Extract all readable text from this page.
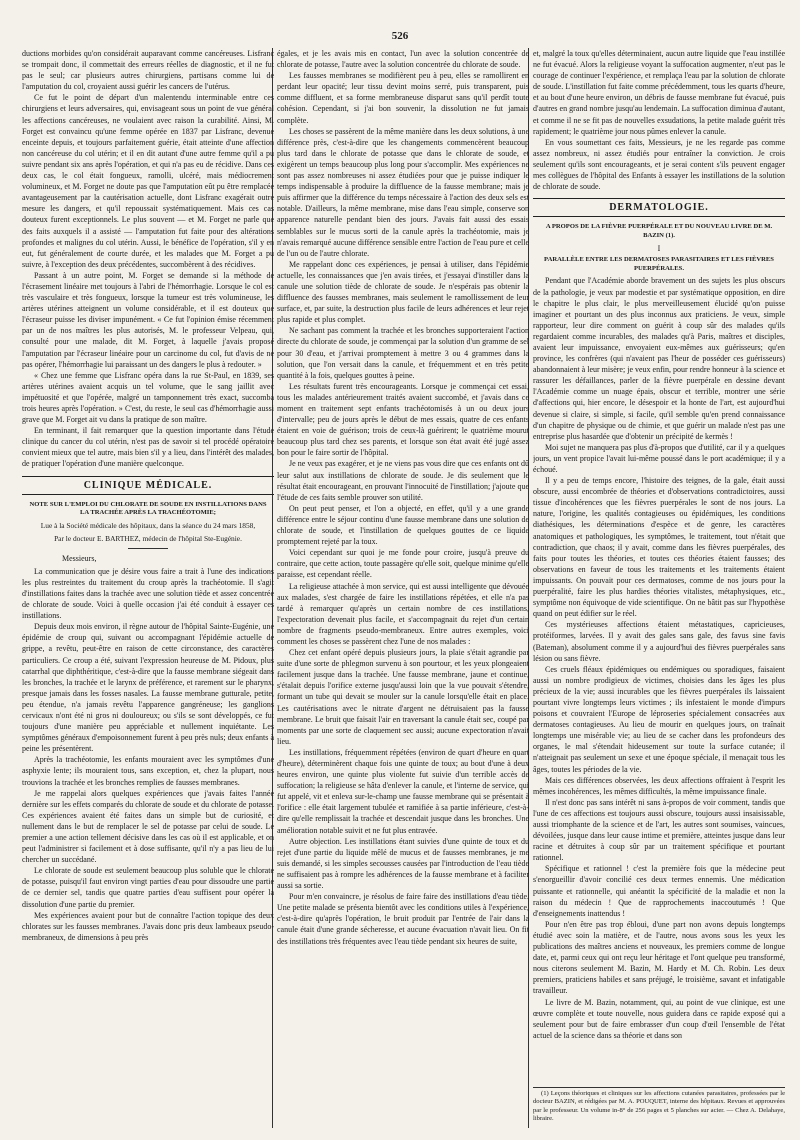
526

ductions morbides qu'on considérait auparavant comme cancéreuses. Lisfranc se trompait donc, il commettait des erreurs réelles de diagnostic, et il ne fut pas le seul; car plusieurs autres chirurgiens, partisans comme lui de l'amputation du col, croyaient aussi guérir les cancers de l'utérus.

Ce fut le point de départ d'un malentendu interminable entre ces chirurgiens et leurs adversaires, qui, envisageant sous un point de vue général les affections cancéreuses, ne voulaient avec raison la curabilité. Ainsi, M. Forget est convaincu qu'une femme opérée en 1837 par Lisfranc, devenue enceinte depuis, et toujours parfaitement guérie, était atteinte d'une affection non cancéreuse du col utérin; et il en dit autant d'une autre femme qu'il a pu suivre pendant six ans après l'opération, et qui n'a pas eu de récidive. Dans ces deux cas, le col était fongueux, ramolli, ulcéré, mais médiocrement volumineux, et M. Forget ne doute pas que l'amputation eût pu être remplacée avantageusement par la cautérisation actuelle, dont Lisfranc exagérait outre mesure les dangers, et qu'il repoussait systématiquement. Mais ces cas douteux furent exceptionnels. Le plus souvent — et M. Forget ne parle que des faits auxquels il a assisté — l'amputation fut faite pour des altérations profondes et malignes du col utérin. Aussi, le bénéfice de l'opération, s'il y en eut, fut généralement de courte durée, et les malades que M. Forget a pu suivre, à l'exception des deux précédentes, succombèrent à des récidives.

Passant à un autre point, M. Forget se demande si la méthode de l'écrasement linéaire met toujours à l'abri de l'hémorrhagie. Lorsque le col est très vasculaire et très fongueux, lorsque la tumeur est très volumineuse, les artères utérines atteignent un volume considérable, et il est douteux que l'écraseur puisse les diviser impunément. « Ce fut l'opinion émise récemment par un de nos maîtres les plus autorisés, M. le professeur Velpeau, qui, consulté pour une malade, dit M. Forget, à laquelle j'avais proposé l'amputation par l'écraseur linéaire pour un carcinome du col, fut d'avis de ne pas opérer, l'hémorrhagie lui paraissant un des dangers le plus à redouter. »

« Chez une femme que Lisfranc opéra dans la rue St-Paul, en 1839, ses artères utérines avaient acquis un tel volume, que le sang jaillit avec impétuosité et que l'opérée, malgré un tamponnement très exact, succomba trois heures après l'opération. » C'est, du reste, le seul cas d'hémorrhagie aussi grave que M. Forget ait vu dans la pratique de son maître.

En terminant, il fait remarquer que la question importante dans l'étude clinique du cancer du col utérin, n'est pas de savoir si tel procédé opératoire convient mieux que tel autre, mais bien s'il y a lieu, dans l'intérêt des malades, de pratiquer l'opération d'une manière quelconque.

CLINIQUE MÉDICALE.
NOTE SUR L'EMPLOI DU CHLORATE DE SOUDE EN INSTILLATIONS DANS LA TRACHÉE APRÈS LA TRACHÉOTOMIE;
Lue à la Société médicale des hôpitaux, dans la séance du 24 mars 1858,
Par le docteur E. BARTHEZ, médecin de l'hôpital Ste-Eugénie.

Messieurs,

La communication que je désire vous faire a trait à l'une des indications les plus restreintes du traitement du croup après la trachéotomie. Il s'agit d'instillations faites dans la trachée avec une solution tiède et assez concentrée de chlorate de soude. Voici à quelle occasion j'ai été conduit à essayer ces instillations.

Depuis deux mois environ, il règne autour de l'hôpital Sainte-Eugénie, une épidémie de croup qui, suivant ou accompagnant l'épidémie actuelle de grippe, a revêtu, peut-être en raison de cette circonstance, des caractères particuliers. Ce croup a été, suivant l'expression heureuse de M. Pidoux, plus catarrhal que diphthéritique, c'est-à-dire que la fausse membrane siégeait dans les bronches, la trachée et le larynx de préférence, et rarement sur le pharynx, presque jamais dans les fosses nasales. La fausse membrane gutturale, petite, peu étendue, n'a jamais revêtu l'apparence gangréneuse; les ganglions cervicaux n'ont été ni gros ni douloureux; ou s'ils se sont développés, ce fut toujours d'une manière peu appréciable et nullement inquiétante. Les symptômes généraux d'empoisonnement furent à peu près nuls; deux enfants à peine les présentèrent.

Après la trachéotomie, les enfants mouraient avec les symptômes d'une asphyxie lente; ils mouraient tous, sans exception, et, chez la plupart, nous trouvions la trachée et les bronches remplies de fausses membranes.

Je me rappelai alors quelques expériences que j'avais faites l'année dernière sur les effets comparés du chlorate de soude et du chlorate de potasse. Ces expériences avaient été faites dans un simple but de curiosité, et nullement dans le but de remplacer le sel de potasse par celui de soude. Le premier a une action tellement décisive dans les cas où il est applicable, et on peut l'administrer si facilement et à dose suffisante, qu'il n'y a pas lieu de lui chercher un succédané.

Le chlorate de soude est seulement beaucoup plus soluble que le chlorate de potasse, puisqu'il faut environ vingt parties d'eau pour dissoudre une partie de ce dernier sel, tandis que quatre parties d'eau suffisent pour opérer la dissolution d'une partie du premier.

Mes expériences avaient pour but de connaître l'action topique des deux chlorates sur les fausses membranes. J'avais donc pris deux lambeaux pseudo-membraneux, de dimensions à peu près

égales, et je les avais mis en contact, l'un avec la solution concentrée de chlorate de potasse, l'autre avec la solution concentrée du chlorate de soude.

Les fausses membranes se modifièrent peu à peu, elles se ramollirent en perdant leur opacité; leur tissu devint moins serré, puis transparent, puis comme diffluent, et sa forme membraneuse disparut sans qu'il perdît toute cohésion. Cependant, si j'ai bon souvenir, la dissolution ne fut jamais complète.

Les choses se passèrent de la même manière dans les deux solutions, à une différence près, c'est-à-dire que les changements commencèrent beaucoup plus tard dans le chlorate de potasse que dans le chlorate de soude, et exigèrent un temps beaucoup plus long pour s'accomplir. Mes expériences ne sont pas assez nombreuses ni assez étudiées pour que je puisse indiquer le temps indispensable à produire la diffluence de la fausse membrane; mais je puis affirmer que la différence du temps nécessaire à l'action des deux sels est notable. D'ailleurs, la même membrane, mise dans l'eau simple, conserve son apparence naturelle pendant bien des jours. J'avais fait aussi des essais semblables sur le mucus sorti de la canule après la trachéotomie, mais je n'avais remarqué aucune différence sensible entre l'action de l'eau pure et celle de l'un ou de l'autre chlorate.

Me rappelant donc ces expériences, je pensai à utiliser, dans l'épidémie actuelle, les connaissances que j'en avais tirées, et j'essayai d'instiller dans la canule une solution tiède de chlorate de soude. Je n'espérais pas obtenir la diffluence des fausses membranes, mais seulement le ramollissement de leur surface, et, par suite, la destruction plus facile de leurs adhérences et leur rejet plus rapide et plus complet.

Ne sachant pas comment la trachée et les bronches supporteraient l'action directe du chlorate de soude, je commençai par la solution d'un gramme de sel pour 30 d'eau, et j'arrivai promptement à mettre 3 ou 4 grammes dans la solution, que l'on versait dans la canule, et fréquemment et en très petite quantité à la fois, quelques gouttes à peine.

Les résultats furent très encourageants. Lorsque je commençai cet essai, tous les malades antérieurement traités avaient succombé, et j'avais dans ce moment en traitement sept enfants trachéotomisés à un ou deux jours d'intervalle; peu de jours après le début de mes essais, quatre de ces enfants étaient en voie de guérison; trois de ceux-là guérirent; le quatrième mourut beaucoup plus tard chez ses parents, et lorsque son état avait été jugé assez bon pour le faire sortir de l'hôpital.

Je ne veux pas exagérer, et je ne viens pas vous dire que ces enfants ont dû leur salut aux instillations de chlorate de soude. Je dis seulement que le résultat était encourageant, en prouvant l'innocuité de l'instillation; j'ajoute que l'étude de ces faits semble prouver son utilité.

On peut peut penser, et l'on a objecté, en effet, qu'il y a une grande différence entre le séjour continu d'une fausse membrane dans une solution de chlorate de soude, et l'instillation de quelques gouttes de ce liquide promptement rejeté par la toux.

Voici cependant sur quoi je me fonde pour croire, jusqu'à preuve du contraire, que cette action, toute passagère qu'elle soit, quelque minime qu'elle paraisse, est cependant réelle.

La religieuse attachée à mon service, qui est aussi intelligente que dévouée aux malades, s'est chargée de faire les instillations répétées, et elle n'a pas tardé à remarquer qu'après un certain nombre de ces instillations, l'expectoration devenait plus facile, et s'accompagnait du rejet d'un certain nombre de fragments pseudo-membraneux. Entre autres exemples, voici comment les choses se passèrent chez l'une de nos malades :

Chez cet enfant opéré depuis plusieurs jours, la plaie s'était agrandie par suite d'une sorte de phlegmon survenu à son pourtour, et les yeux plongeaient facilement jusque dans la trachée. Une fausse membrane, jaune et continue, s'étalait depuis l'orifice externe jusqu'aussi loin que la vue pouvait s'étendre, formant un tube qui devait se mouler sur la canule lorsqu'elle était en place. Les cautérisations avec le nitrate d'argent ne détruisaient pas la fausse membrane. Le bruit que faisait l'air en traversant la canule était sec, coupé par moments par une sorte de claquement sec aussi; aucune expectoration n'avait lieu.

Les instillations, fréquemment répétées (environ de quart d'heure en quart d'heure), déterminèrent chaque fois une quinte de toux; au bout d'une à deux heures environ, une quinte plus violente fut suivie d'un terrible accès de suffocation; la religieuse se hâta d'enlever la canule, et l'interne de service, qui fut appelé, vit et enleva sur-le-champ une fausse membrane qui se présentait à l'orifice : elle était largement tubulée et ramifiée à sa partie inférieure, c'est-à-dire qu'elle remplissait la trachée et descendait jusque dans les bronches. Une amélioration notable suivit et ne fut plus entravée.

Autre objection. Les instillations étant suivies d'une quinte de toux et du rejet d'une partie du liquide mêlé de mucus et de fausses membranes, je me suis demandé, si les simples secousses causées par l'introduction de l'eau tiède ne suffisaient pas à rompre les adhérences de la fausse membrane et à faciliter aussi sa sortie.

Pour m'en convaincre, je résolus de faire faire des instillations d'eau tiède. Une petite malade se présenta bientôt avec les conditions utiles à l'expérience, c'est-à-dire qu'après l'opération, le bruit produit par l'entrée de l'air dans la canule était d'une grande sécheresse, et aucune évacuation n'avait lieu. On fit des instillations très fréquentes avec l'eau tiède pendant six heures de suite,

et, malgré la toux qu'elles déterminaient, aucun autre liquide que l'eau instillée ne fut évacué. Alors la religieuse voyant la suffocation augmenter, n'eut pas le courage de continuer l'expérience, et remplaça l'eau par la solution de chlorate de soude. L'instillation fut faite comme précédemment, tous les quarts d'heure, et au bout d'une heure environ, un débris de fausse membrane fut évacué, puis d'autres en grand nombre jusqu'au lendemain. La suffocation diminua d'autant, et comme il ne se fit pas de nouvelles exsudations, la petite malade guérit très rapidement; le quatrième jour nous pûmes enlever la canule.

En vous soumettant ces faits, Messieurs, je ne les regarde pas comme assez nombreux, ni assez étudiés pour entraîner la conviction. Je crois seulement qu'ils sont encourageants, et je serai content s'ils peuvent engager mes collègues de l'hôpital des Enfants à essayer les instillations de la solution de chlorate de soude.

DERMATOLOGIE.
A PROPOS DE LA FIÈVRE PUERPÉRALE ET DU NOUVEAU LIVRE DE M. BAZIN (1).
I
PARALLÈLE ENTRE LES DERMATOSES PARASITAIRES ET LES FIÈVRES PUERPÉRALES.

Pendant que l'Académie aborde bravement un des sujets les plus obscurs de la pathologie, je veux par modestie et par systématique opposition, en dire le chapitre le plus clair, le plus merveilleusement élucidé qu'on puisse imaginer et pourtant un des plus inconnus aux praticiens. Je veux, simple rapporteur, leur dire comment on guérit à coup sûr des malades qu'ils regardaient comme incurables, des malades qu'à Paris, maîtres et disciples, avaient leur impuissance, envoyaient eux-mêmes aux guérisseurs; qu'en province, les confrères (qui n'avaient pas l'heur de posséder ces guérisseurs) abandonnaient à leur misère; je veux enfin, pour rendre honneur à la science et rassurer les défaillances, parler de la fièvre puerpérale en dessine devant l'Académie comme un nuage épais, obscur et terrible, montrer une série d'affections qui, hier encore, le désespoir et la honte de l'art, est aujourd'hui devenue si claire, si simple, si facile, qu'il semble qu'en prend connaissance d'un chapitre de physique ou de chimie, et que guérir un malade n'est pas une entreprise plus hasardée que d'obtenir un précipité de kermès !

Moi sujet ne manquera pas plus d'à-propos que d'utilité, car il y a quelques jours, un vent propice l'avait lui-même poussé dans le port académique; il y a échoué.

Il y a peu de temps encore, l'histoire des teignes, de la gale, était aussi obscure, aussi encombrée de théories et d'observations contradictoires, aussi tissue d'incohérences que les fièvres puerpérales le sont de nos jours. La nature, l'origine, les qualités contagieuses ou épidémiques, les conditions diathésiques, les déterminations d'espèce et de genre, les caractères anatomiques et pathologiques, les symptômes, le traitement, tout n'était que contradiction, que chaos; il y avait, comme dans les fièvres puerpérales, des faits pour toutes les théories, et toutes ces théories étaient fausses; des observations en faveur de tous les traitements et les traitements étaient impuissants. On pouvait pour ces dermatoses, comme de nos jours pour la puerpéralité, faire les plus hardies théories vitalistes, métaphysiques, etc., symptôme non équivoque de vide scientifique. On ne bâtit pas sur l'hypothèse quand on peut édifier sur le réel.

Ces mystérieuses affections étaient métastatiques, capricieuses, protéiformes, larvées. Il y avait des gales sans gale, des favus sine favis (Bateman), absolument comme il y a aujourd'hui des fièvres puerpérales sans lésion ou sans fièvre.

Ces cruels fléaux épidémiques ou endémiques ou sporadiques, faisaient aussi un nombre prodigieux de victimes, choisies dans les âges les plus précieux de la vie; aussi incurables que les fièvres puerpérales ils laissaient pourtant vivre longtemps leurs victimes ; ils infestaient le monde d'impurs poisons et couvraient l'Europe de léproseries spécialement consacrées aux dermatoses contagieuses. Au lieu de mourir en quelques jours, on traînait longtemps une misérable vie; au lieu de se cacher dans les profondeurs des organes, le mal s'étendait hideusement sur toute la surface cutanée; il n'atteignait pas seulement un sexe et une époque spéciale, il menaçait tous les âges, toutes les périodes de la vie.

Mais ces différences observées, les deux affections offraient à l'esprit les mêmes incohérences, les mêmes difficultés, la même impuissance finale.

Il n'est donc pas sans intérêt ni sans à-propos de voir comment, tandis que l'une de ces affections est toujours aussi obscure, toujours aussi insaisissable, aussi triomphante de la science et de l'art, les autres sont soumises, vaincues, dévoilées, jusque dans leur cause intime et première, atteintes jusque dans leur racine et détruites à coup sûr par un traitement spécifique et pourtant rationnel.

Spécifique et rationnel ! c'est la première fois que la médecine peut s'enorgueillir d'avoir concilié ces deux termes ennemis. Une médication puissante et rationnelle, qui anéantit la spécificité de la maladie et non la raison du médecin ! Que de rapprochements inaccoutumés ! Que d'enseignements inattendus !

Pour n'en être pas trop ébloui, d'une part non avons depuis longtemps étudié avec soin la matière, et de l'autre, nous avons sous les yeux les publications des maîtres anciens et nouveaux, les premiers comme de longue date, et, parmi ceux qui ont reçu leur héritage et l'ont quelque peu transformé, nous citerons seulement M. Bazin, M. Hardy et M. Ch. Robin. Les deux premiers, praticiens habiles et sans préjugé, le troisième, savant et infatigable travailleur.

Le livre de M. Bazin, notamment, qui, au point de vue clinique, est une œuvre complète et toute nouvelle, nous guidera dans ce rapide exposé qui a seulement pour but de faire embrasser d'un coup d'œil l'ensemble de l'état actuel de la science dans sa théorie et dans son

(1) Leçons théoriques et cliniques sur les affections cutanées parasitaires, professées par le docteur BAZIN, et rédigées par M. A. POUQUET, interne des hôpitaux. Revues et approuvées par le professeur. Un volume in-8° de 256 pages et 5 planches sur acier. — Chez A. Delahaye, libraire.
